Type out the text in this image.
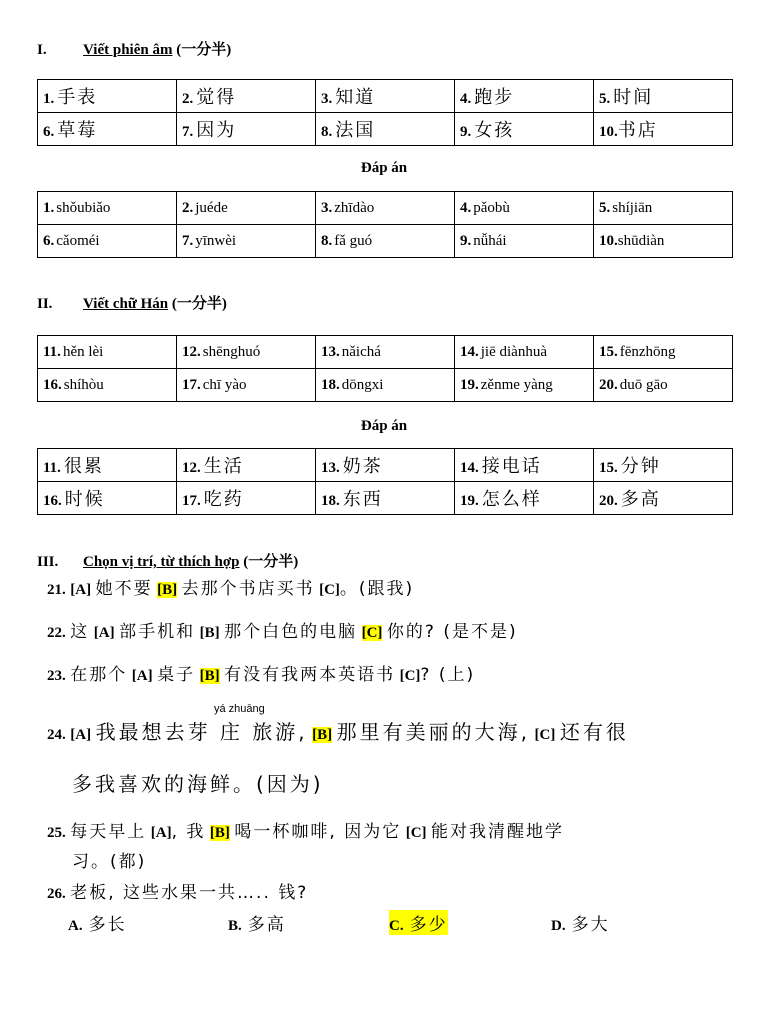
I. Viết phiên âm (一分半)
1. 手表	2. 觉得	3. 知道	4. 跑步	5. 时间
6. 草莓	7. 因为	8. 法国	9. 女孩	10.书店
Đáp án
1. shǒubiǎo	2. juéde	3. zhīdào	4. pǎobù	5. shíjiān
6. cǎoméi	7. yīnwèi	8. fǎ guó	9. nǚhái	10.shūdiàn
II. Viết chữ Hán (一分半)
11. hěn lèi	12. shēnghuó	13. nǎichá	14. jiē diànhuà	15. fēnzhōng
16. shíhòu	17. chī yào	18. dōngxi	19. zěnme yàng	20. duō gāo
Đáp án
11. 很累	12. 生活	13. 奶茶	14. 接电话	15. 分钟
16. 时候	17. 吃药	18. 东西	19. 怎么样	20. 多高
III. Chọn vị trí, từ thích hợp (一分半)
21. [A] 她不要 [B] 去那个书店买书 [C]。(跟我)
22. 这 [A] 部手机和 [B] 那个白色的电脑 [C] 你的? (是不是)
23. 在那个 [A] 桌子 [B] 有没有我两本英语书 [C]? (上)
yá zhuāng
24. [A] 我最想去芽 庄 旅游, [B] 那里有美丽的大海, [C] 还有很
多我喜欢的海鲜。(因为)
25. 每天早上 [A], 我 [B] 喝一杯咖啡, 因为它 [C] 能对我清醒地学
习。(都)
26. 老板, 这些水果一共….. 钱?
A. 多长	B. 多高	C. 多少	D. 多大
